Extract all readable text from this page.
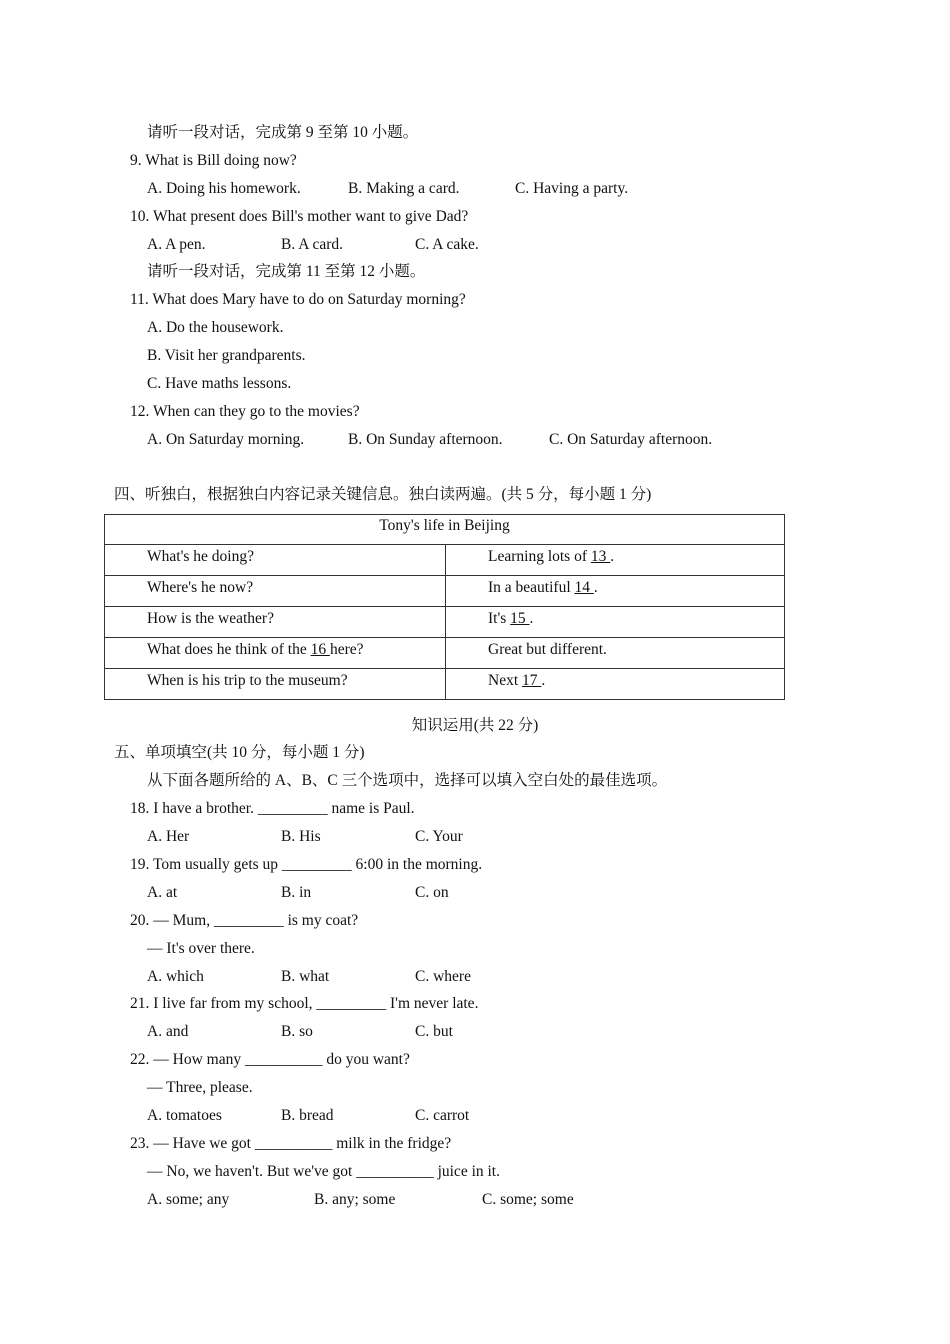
请听一段对话，完成第 9 至第 10 小题。
9. What is Bill doing now?
A. Doing his homework.	B. Making a card.	C. Having a party.
10. What present does Bill's mother want to give Dad?
A. A pen.	B. A card.	C. A cake.
请听一段对话，完成第 11 至第 12 小题。
11. What does Mary have to do on Saturday morning?
A. Do the housework.
B. Visit her grandparents.
C. Have maths lessons.
12. When can they go to the movies?
A. On Saturday morning.	B. On Sunday afternoon.	C. On Saturday afternoon.
四、听独白，根据独白内容记录关键信息。独白读两遍。(共 5 分，每小题 1 分)
Tony's life in Beijing	
What's he doing?	Learning lots of 13 .
Where's he now?	In a beautiful 14 .
How is the weather?	It's 15 .
What does he think of the 16 here?	Great but different.
When is his trip to the museum?	Next 17 .
知识运用(共 22 分)
五、单项填空(共 10 分，每小题 1 分)
从下面各题所给的 A、B、C 三个选项中，选择可以填入空白处的最佳选项。
18. I have a brother. _________ name is Paul.
A. Her	B. His	C. Your
19. Tom usually gets up _________ 6:00 in the morning.
A. at	B. in	C. on
20. — Mum, _________ is my coat?
— It's over there.
A. which	B. what	C. where
21. I live far from my school, _________ I'm never late.
A. and	B. so	C. but
22. — How many __________ do you want?
— Three, please.
A. tomatoes	B. bread	C. carrot
23. — Have we got __________ milk in the fridge?
— No, we haven't. But we've got __________ juice in it.
A. some; any	B. any; some	C. some; some
